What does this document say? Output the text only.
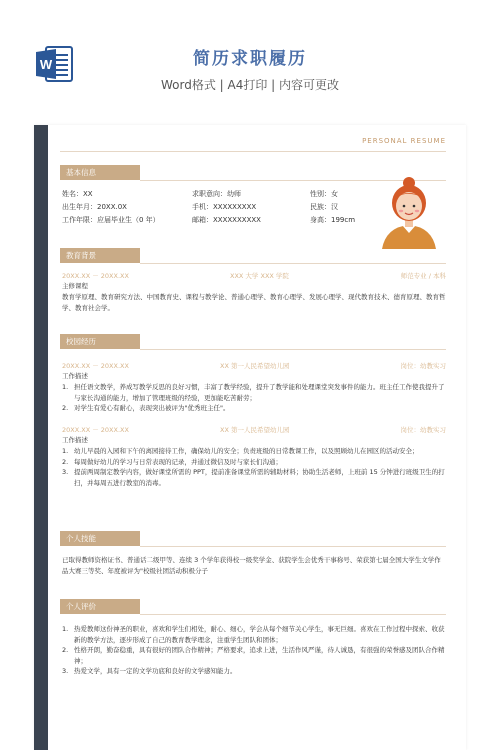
W	简历求职履历
Word格式 | A4打印 | 内容可更改
PERSONAL RESUME
基本信息
姓名：XX
出生年月：20XX.0X
工作年限：应届毕业生（0 年）
求职意向：幼师
手机：XXXXXXXXX
邮箱：XXXXXXXXXX
性别：女
民族：汉
身高：199cm
教育背景
20XX.XX － 20XX.XX	XXX 大学 XXX 学院	师范专业 / 本科
主修课程
教育学原理、教育研究方法、中国教育史、课程与教学论、普通心理学、教育心理学、发展心理学、现代教育技术、德育原理、教育哲学、教育社会学。
校园经历
20XX.XX － 20XX.XX	XX 第一人民希望幼儿园	岗位：幼教实习
工作描述
1. 担任语文教学，养成写教学反思的良好习惯，丰富了教学经验，提升了教学能和处理课堂突发事件的能力。班主任工作使我提升了与家长沟通的能力，增加了管理班级的经验，更加能吃苦耐劳；
2. 对学生有爱心有耐心，表现突出被评为"优秀班主任"。
20XX.XX － 20XX.XX	XX 第一人民希望幼儿园	岗位：幼教实习
工作描述
1. 幼儿早晨的入园和下午的离园接待工作，确保幼儿的安全；负责班级的日常教课工作，以及照顾幼儿在园区的活动安全；
2. 每周做好幼儿的学习与日常表现的记录，并通过微信及时与家长们沟通；
3. 提前两周制定教学内容，做好课堂所需的 PPT，提前准备课堂所需的辅助材料；协助生活老师，上班前 15 分钟进行班级卫生的打扫，并每周五进行教室的消毒。
个人技能
已取得教师资格证书、普通话二级甲等、连续 3 个学年获得校一级奖学金、获院学生会优秀干事称号、荣获第七届全国大学生文学作品大赛三等奖、年度被评为"校级社团活动积极分子
个人评价
1. 热爱教师这份神圣的职业，喜欢和学生们相处，耐心、细心，学会从每个细节关心学生，事无巨细。喜欢在工作过程中探索、收获新的教学方法，逐步形成了自己的教育教学理念，注重学生团队和团体；
2. 性格开朗，勤奋稳重，具有很好的团队合作精神；严格要求，追求上进，生活作风严谨，待人诚恳，有很强的荣誉感及团队合作精神；
3. 热爱文学，具有一定的文学功底和良好的文学感知能力。
